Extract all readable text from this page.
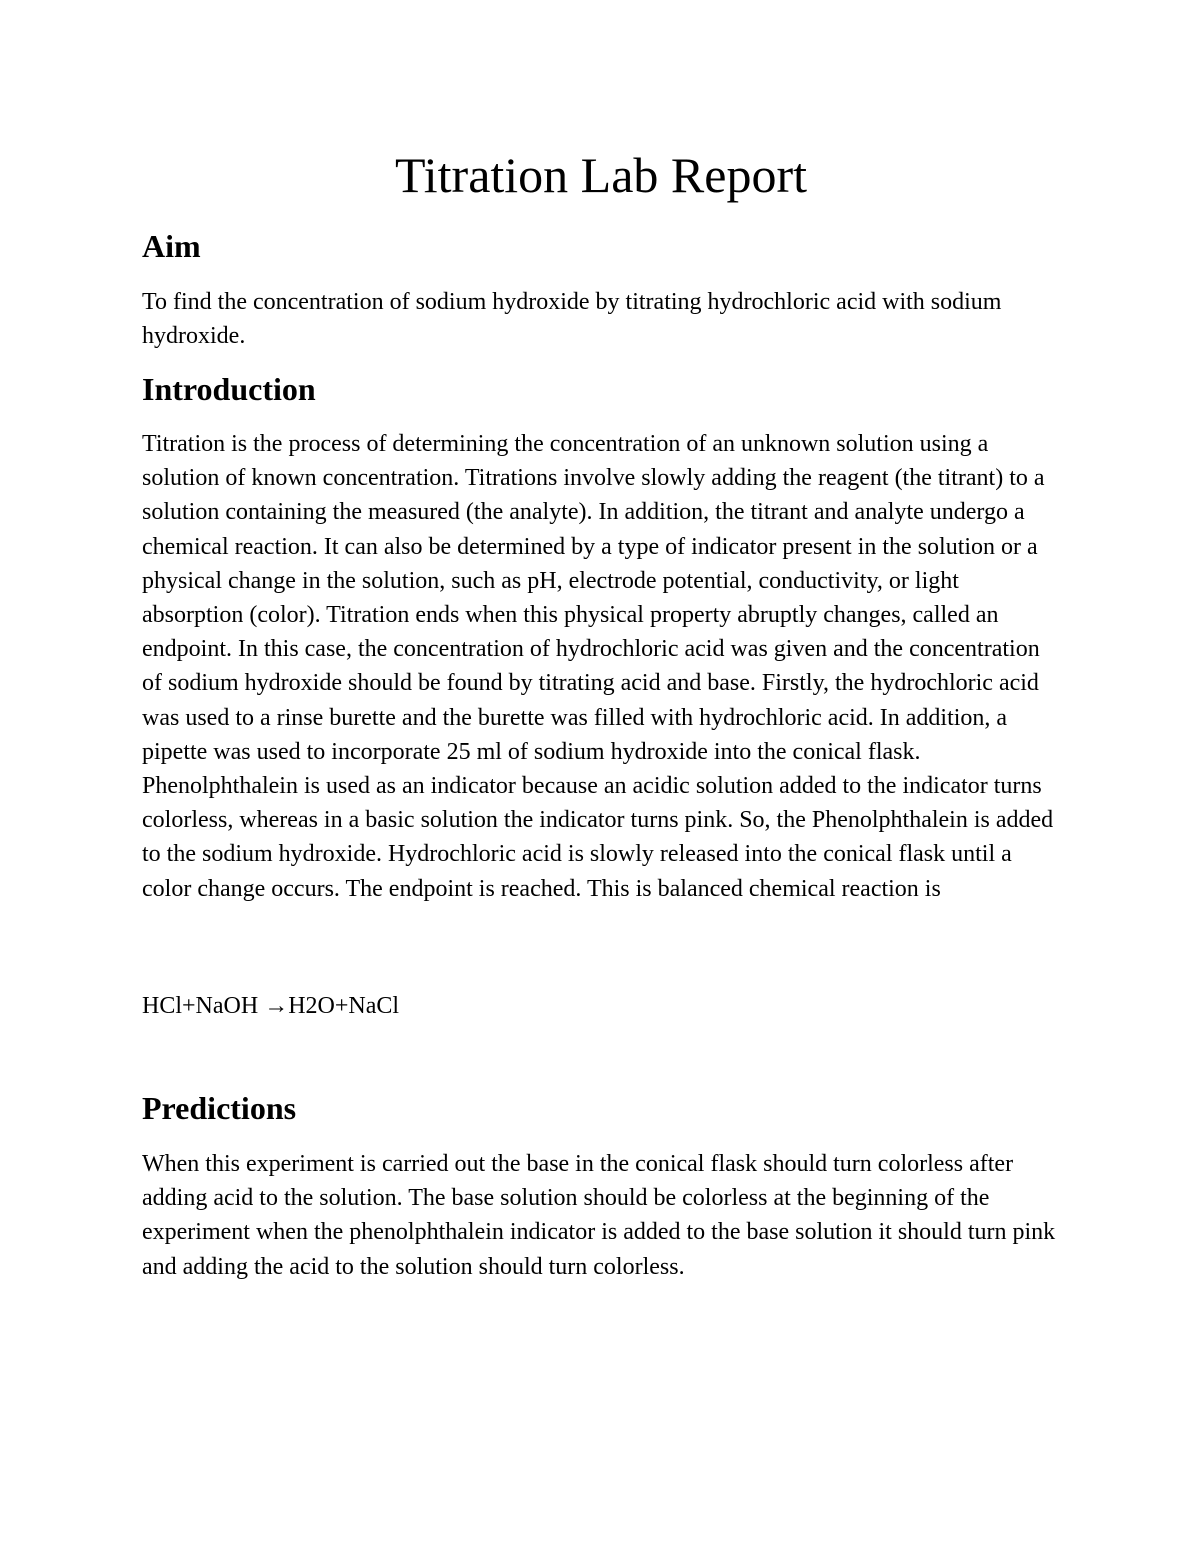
Titration Lab Report
Aim

To find the concentration of sodium hydroxide by titrating hydrochloric acid with sodium hydroxide.

Introduction

Titration is the process of determining the concentration of an unknown solution using a solution of known concentration. Titrations involve slowly adding the reagent (the titrant) to a solution containing the measured (the analyte). In addition, the titrant and analyte undergo a chemical reaction. It can also be determined by a type of indicator present in the solution or a physical change in the solution, such as pH, electrode potential, conductivity, or light absorption (color). Titration ends when this physical property abruptly changes, called an endpoint. In this case, the concentration of hydrochloric acid was given and the concentration of sodium hydroxide should be found by titrating acid and base. Firstly, the hydrochloric acid was used to a rinse burette and the burette was filled with hydrochloric acid. In addition, a pipette was used to incorporate 25 ml of sodium hydroxide into the conical flask. Phenolphthalein is used as an indicator because an acidic solution added to the indicator turns colorless, whereas in a basic solution the indicator turns pink. So, the Phenolphthalein is added to the sodium hydroxide. Hydrochloric acid is slowly released into the conical flask until a color change occurs. The endpoint is reached. This is balanced chemical reaction is

HCl+NaOH →H2O+NaCl

Predictions

When this experiment is carried out the base in the conical flask should turn colorless after adding acid to the solution. The base solution should be colorless at the beginning of the experiment when the phenolphthalein indicator is added to the base solution it should turn pink and adding the acid to the solution should turn colorless.
